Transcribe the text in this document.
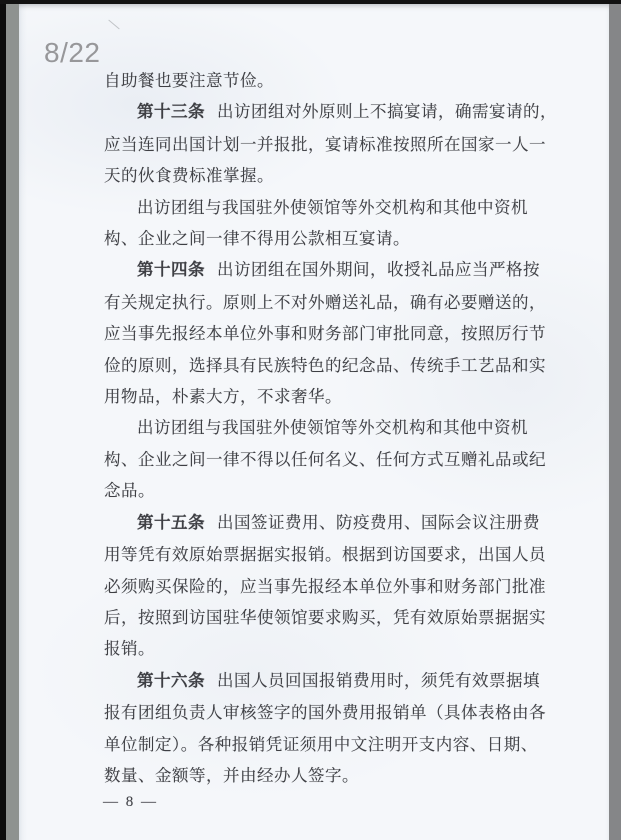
8/22
自助餐也要注意节俭。
第十三条 出访团组对外原则上不搞宴请，确需宴请的，
应当连同出国计划一并报批，宴请标准按照所在国家一人一
天的伙食费标准掌握。
出访团组与我国驻外使领馆等外交机构和其他中资机
构、企业之间一律不得用公款相互宴请。
第十四条 出访团组在国外期间，收授礼品应当严格按
有关规定执行。原则上不对外赠送礼品，确有必要赠送的，
应当事先报经本单位外事和财务部门审批同意，按照厉行节
俭的原则，选择具有民族特色的纪念品、传统手工艺品和实
用物品，朴素大方，不求奢华。
出访团组与我国驻外使领馆等外交机构和其他中资机
构、企业之间一律不得以任何名义、任何方式互赠礼品或纪
念品。
第十五条 出国签证费用、防疫费用、国际会议注册费
用等凭有效原始票据据实报销。根据到访国要求，出国人员
必须购买保险的，应当事先报经本单位外事和财务部门批准
后，按照到访国驻华使领馆要求购买，凭有效原始票据据实
报销。
第十六条 出国人员回国报销费用时，须凭有效票据填
报有团组负责人审核签字的国外费用报销单（具体表格由各
单位制定）。各种报销凭证须用中文注明开支内容、日期、
数量、金额等，并由经办人签字。
— 8 —
